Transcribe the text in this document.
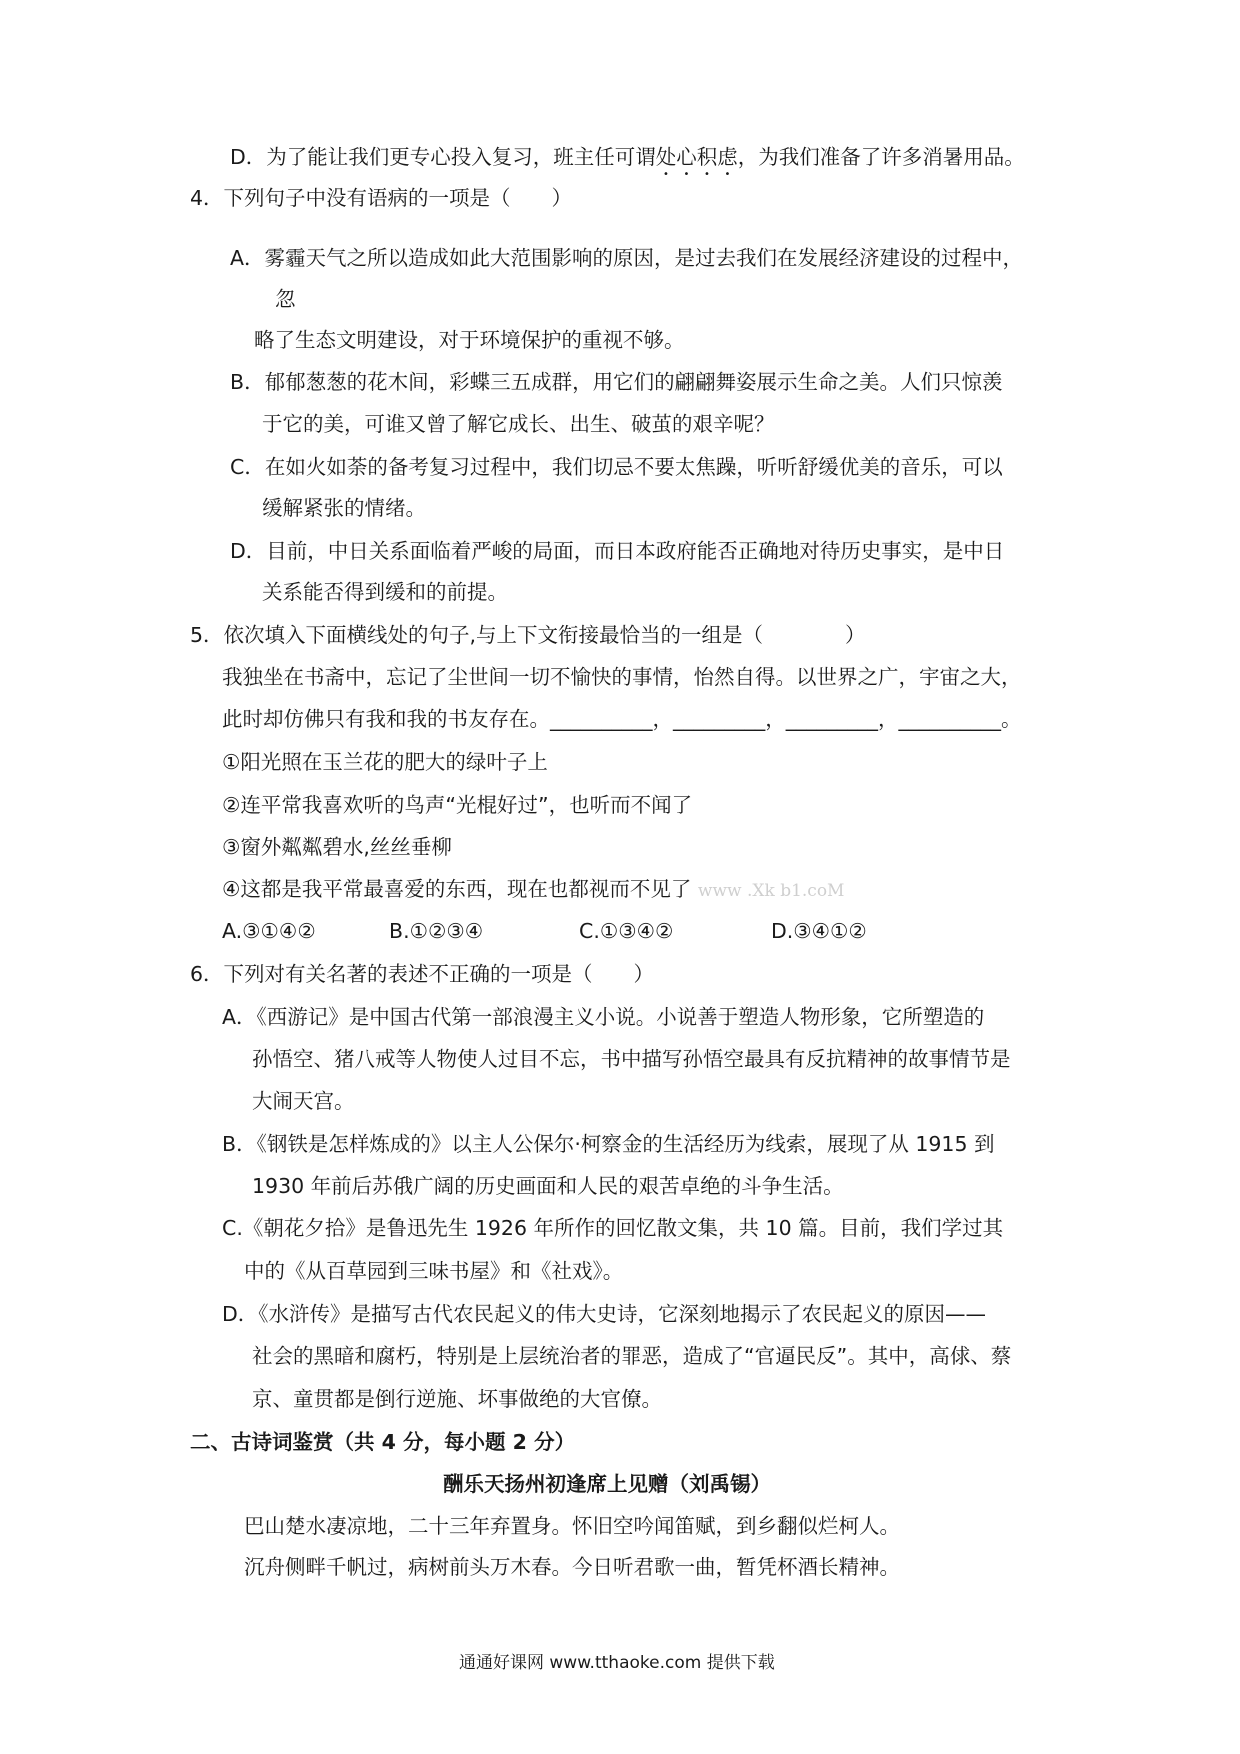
D．为了能让我们更专心投入复习，班主任可谓处心积虑，为我们准备了许多消暑用品。
4．下列句子中没有语病的一项是（　　）
A．雾霾天气之所以造成如此大范围影响的原因，是过去我们在发展经济建设的过程中，
忽
略了生态文明建设，对于环境保护的重视不够。
B．郁郁葱葱的花木间，彩蝶三五成群，用它们的翩翩舞姿展示生命之美。人们只惊羡
于它的美，可谁又曾了解它成长、出生、破茧的艰辛呢？
C．在如火如荼的备考复习过程中，我们切忌不要太焦躁，听听舒缓优美的音乐，可以
缓解紧张的情绪。
D．目前，中日关系面临着严峻的局面，而日本政府能否正确地对待历史事实，是中日
关系能否得到缓和的前提。
5．依次填入下面横线处的句子,与上下文衔接最恰当的一组是（　　　　）
我独坐在书斋中，忘记了尘世间一切不愉快的事情，怡然自得。以世界之广，宇宙之大，
此时却仿佛只有我和我的书友存在。__________，_________，_________，__________。
①阳光照在玉兰花的肥大的绿叶子上
②连平常我喜欢听的鸟声“光棍好过”，也听而不闻了
③窗外粼粼碧水,丝丝垂柳
④这都是我平常最喜爱的东西，现在也都视而不见了 www .Xk b1.coM
A.③①④②	B.①②③④	C.①③④②	D.③④①②
6．下列对有关名著的表述不正确的一项是（　　）
A．《西游记》是中国古代第一部浪漫主义小说。小说善于塑造人物形象，它所塑造的
孙悟空、猪八戒等人物使人过目不忘，书中描写孙悟空最具有反抗精神的故事情节是
大闹天宫。
B．《钢铁是怎样炼成的》以主人公保尔·柯察金的生活经历为线索，展现了从 1915 到
1930 年前后苏俄广阔的历史画面和人民的艰苦卓绝的斗争生活。
C.《朝花夕拾》是鲁迅先生 1926 年所作的回忆散文集，共 10 篇。目前，我们学过其
中的《从百草园到三味书屋》和《社戏》。
D．《水浒传》是描写古代农民起义的伟大史诗，它深刻地揭示了农民起义的原因——
社会的黑暗和腐朽，特别是上层统治者的罪恶，造成了“官逼民反”。其中，高俅、蔡
京、童贯都是倒行逆施、坏事做绝的大官僚。
二、古诗词鉴赏（共 4 分，每小题 2 分）
酬乐天扬州初逢席上见赠（刘禹锡）
巴山楚水凄凉地，二十三年弃置身。怀旧空吟闻笛赋，到乡翻似烂柯人。
沉舟侧畔千帆过，病树前头万木春。今日听君歌一曲，暂凭杯酒长精神。
通通好课网 www.tthaoke.com 提供下载
